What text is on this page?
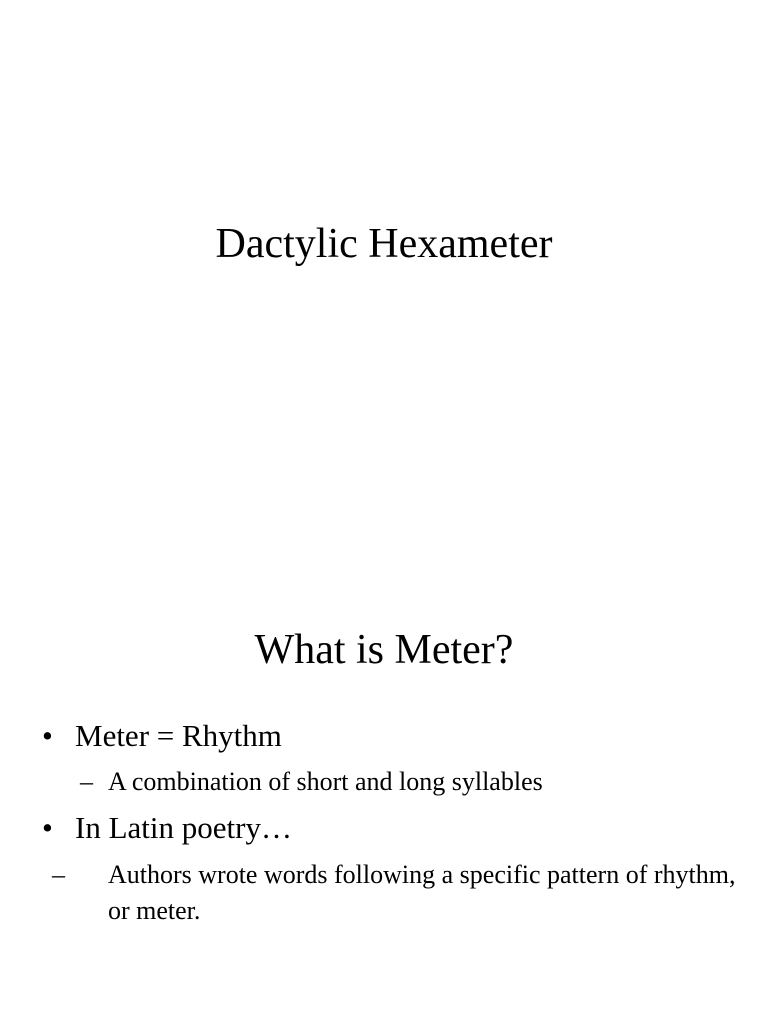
Dactylic Hexameter
What is Meter?
• Meter = Rhythm
– A combination of short and long syllables
• In Latin poetry…
– Authors wrote words following a specific pattern of rhythm, or meter.
